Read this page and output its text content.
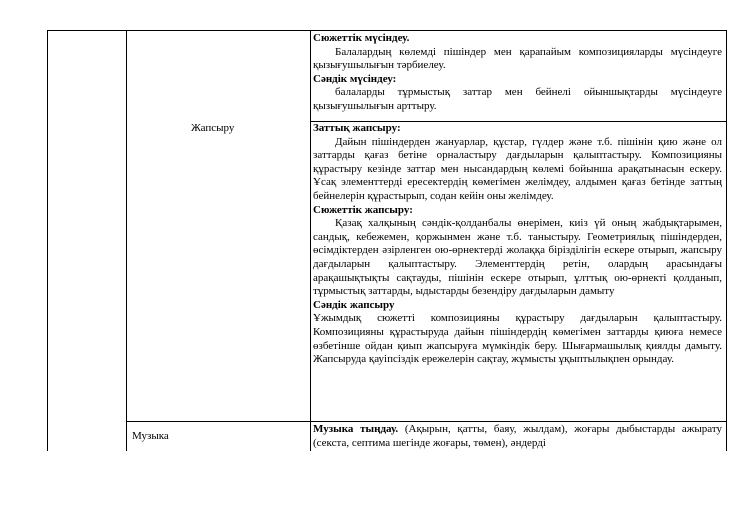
Жапсыру
Музыка

Сюжеттік мүсіндеу.

Балалардың көлемді пішіндер мен қарапайым композицияларды мүсіндеуге қызығушылығын тәрбиелеу.

Сәндік мүсіндеу:

балаларды тұрмыстық заттар мен бейнелі ойыншықтарды мүсіндеуге қызығушылығын арттыру.

Заттық жапсыру:

Дайын пішіндерден жануарлар, құстар, гүлдер және т.б. пішінін қию және ол заттарды қағаз бетіне орналастыру дағдыларын қалыптастыру. Композицияны құрастыру кезінде заттар мен нысандардың көлемі бойынша арақатынасын ескеру. Ұсақ элементтерді ересектердің көмегімен желімдеу, алдымен қағаз бетінде заттың бейнелерін құрастырып, содан кейін оны желімдеу.

Сюжеттік жапсыру:

Қазақ халқының сәндік-қолданбалы өнерімен, киіз үй оның жабдықтарымен, сандық, кебежемен, қоржынмен және т.б. таныстыру. Геометриялық пішіндерден, өсімдіктерден әзірленген ою-өрнектерді жолаққа бірізділігін ескере отырып, жапсыру дағдыларын қалыптастыру. Элементтердің ретін, олардың арасындағы арақашықтықты сақтауды, пішінін ескере отырып, ұлттық ою-өрнекті қолданып, тұрмыстық заттарды, ыдыстарды безендіру дағдыларын дамыту

Сәндік жапсыру

Ұжымдық сюжетті композицияны құрастыру дағдыларын қалыптастыру. Композицияны құрастыруда дайын пішіндердің көмегімен заттарды қиюға немесе өзбетінше ойдан қиып жапсыруға мүмкіндік беру. Шығармашылық қиялды дамыту. Жапсыруда қауіпсіздік ережелерін сақтау, жұмысты ұқыптылықпен орындау.

Музыка тыңдау. (Ақырын, қатты, баяу, жылдам), жоғары дыбыстарды ажырату (секста, септима шегінде жоғары, төмен), әндерді
